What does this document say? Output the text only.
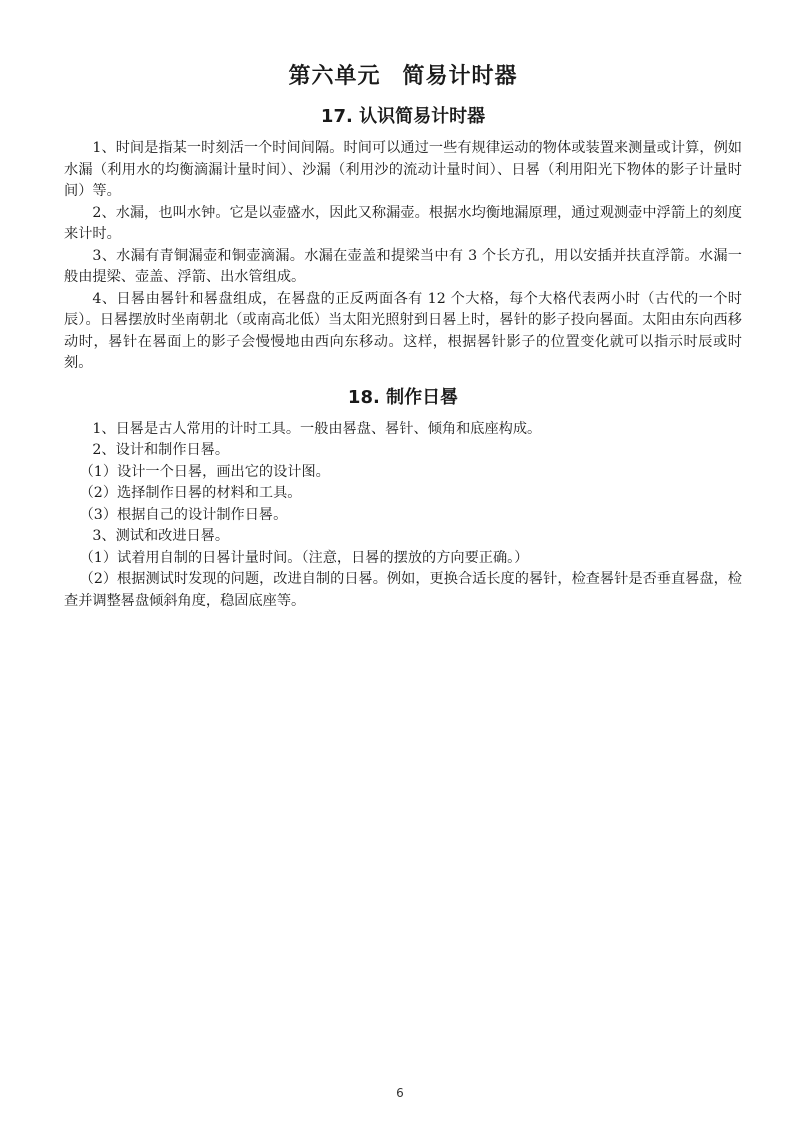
第六单元 简易计时器
17. 认识简易计时器

1、时间是指某一时刻活一个时间间隔。时间可以通过一些有规律运动的物体或装置来测量或计算，例如水漏（利用水的均衡滴漏计量时间）、沙漏（利用沙的流动计量时间）、日晷（利用阳光下物体的影子计量时间）等。

2、水漏，也叫水钟。它是以壶盛水，因此又称漏壶。根据水均衡地漏原理，通过观测壶中浮箭上的刻度来计时。

3、水漏有青铜漏壶和铜壶滴漏。水漏在壶盖和提梁当中有 3 个长方孔，用以安插并扶直浮箭。水漏一般由提梁、壶盖、浮箭、出水管组成。

4、日晷由晷针和晷盘组成，在晷盘的正反两面各有 12 个大格，每个大格代表两小时（古代的一个时辰）。日晷摆放时坐南朝北（或南高北低）当太阳光照射到日晷上时，晷针的影子投向晷面。太阳由东向西移动时，晷针在晷面上的影子会慢慢地由西向东移动。这样，根据晷针影子的位置变化就可以指示时辰或时刻。

18. 制作日晷

1、日晷是古人常用的计时工具。一般由晷盘、晷针、倾角和底座构成。

2、设计和制作日晷。

（1）设计一个日晷，画出它的设计图。

（2）选择制作日晷的材料和工具。

（3）根据自己的设计制作日晷。

3、测试和改进日晷。

（1）试着用自制的日晷计量时间。（注意，日晷的摆放的方向要正确。）

（2）根据测试时发现的问题，改进自制的日晷。例如，更换合适长度的晷针，检查晷针是否垂直晷盘，检查并调整晷盘倾斜角度，稳固底座等。

6
